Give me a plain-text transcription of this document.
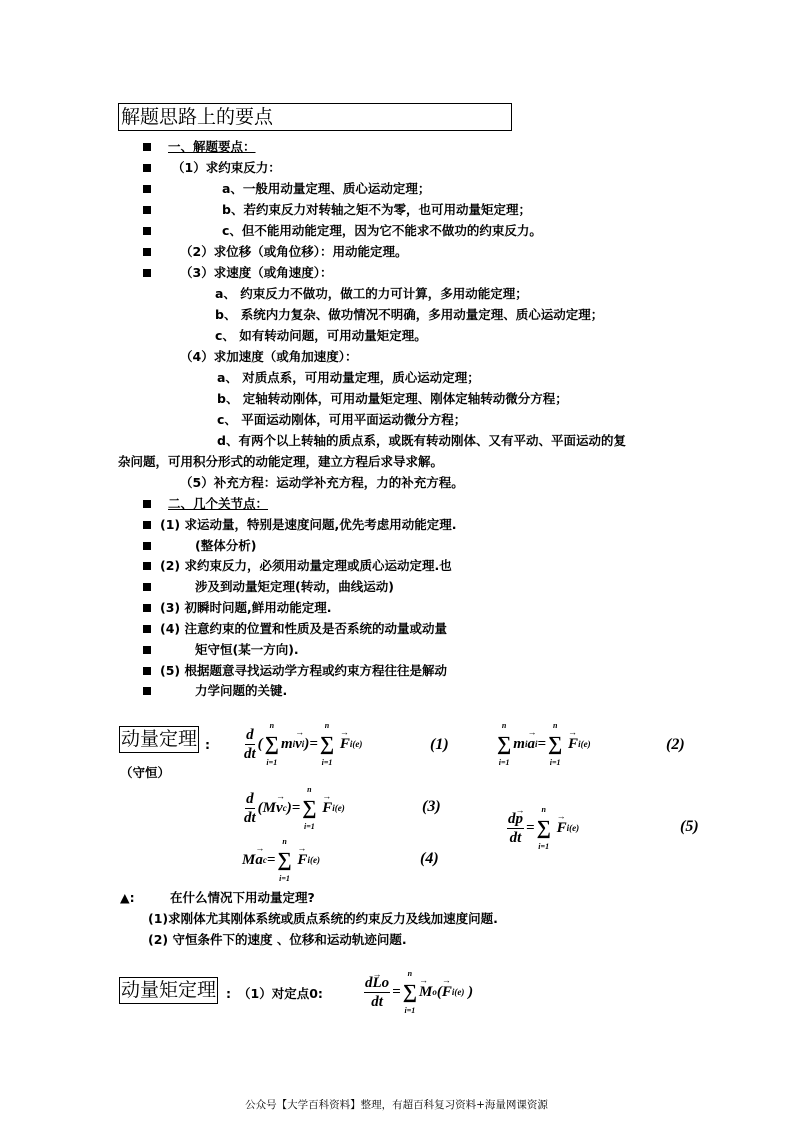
解题思路上的要点
一、解题要点：
（1）求约束反力：
a、一般用动量定理、质心运动定理；
b、若约束反力对转轴之矩不为零，也可用动量矩定理；
c、但不能用动能定理，因为它不能求不做功的约束反力。
（2）求位移（或角位移）：用动能定理。
（3）求速度（或角速度）：
a、 约束反力不做功，做工的力可计算，多用动能定理；
b、 系统内力复杂、做功情况不明确，多用动量定理、质心运动定理；
c、 如有转动问题，可用动量矩定理。
（4）求加速度（或角加速度）：
a、 对质点系，可用动量定理，质心运动定理；
b、 定轴转动刚体，可用动量矩定理、刚体定轴转动微分方程；
c、 平面运动刚体，可用平面运动微分方程；
d、有两个以上转轴的质点系，或既有转动刚体、又有平动、平面运动的复
杂问题，可用积分形式的动能定理，建立方程后求导求解。
（5）补充方程：运动学补充方程，力的补充方程。
二、几个关节点：
(1) 求运动量，特别是速度问题,优先考虑用动能定理.
(整体分析)
(2) 求约束反力，必须用动量定理或质心运动定理.也
涉及到动量矩定理(转动，曲线运动)
(3) 初瞬时问题,鲜用动能定理.
(4) 注意约束的位置和性质及是否系统的动量或动量
矩守恒(某一方向).
(5) 根据题意寻找运动学方程或约束方程往往是解动
力学问题的关键.
动量定理 :
（守恒）
$\frac{d}{dt}$ (
n
∑
i=1
m i → v i ) =
n
∑
i=1

→ F i (e)	(1)
n
∑
i=1
m i → a i =
n
∑
i=1

→ F i (e)	(2)
$\frac{d}{dt}$ ( M → v c ) =
n
∑
i=1

→ F i (e)	(3)
M → a c =
n
∑
i=1

→ F i (e)	(4)
$\frac{d\to p}{dt}$ =
n
∑
i=1

→ F i (e)	(5)
▲:	在什么情况下用动量定理?
(1)求刚体尤其刚体系统或质点系统的约束反力及线加速度问题.
(2) 守恒条件下的速度 、位移和运动轨迹问题.
动量矩定理 : （1）对定点0:	$\frac{d\to Lo}{dt}$ =
n
∑
i=1
→ M o ( → F i (e)
)
公众号【大学百科资料】整理，有超百科复习资料+海量网课资源
